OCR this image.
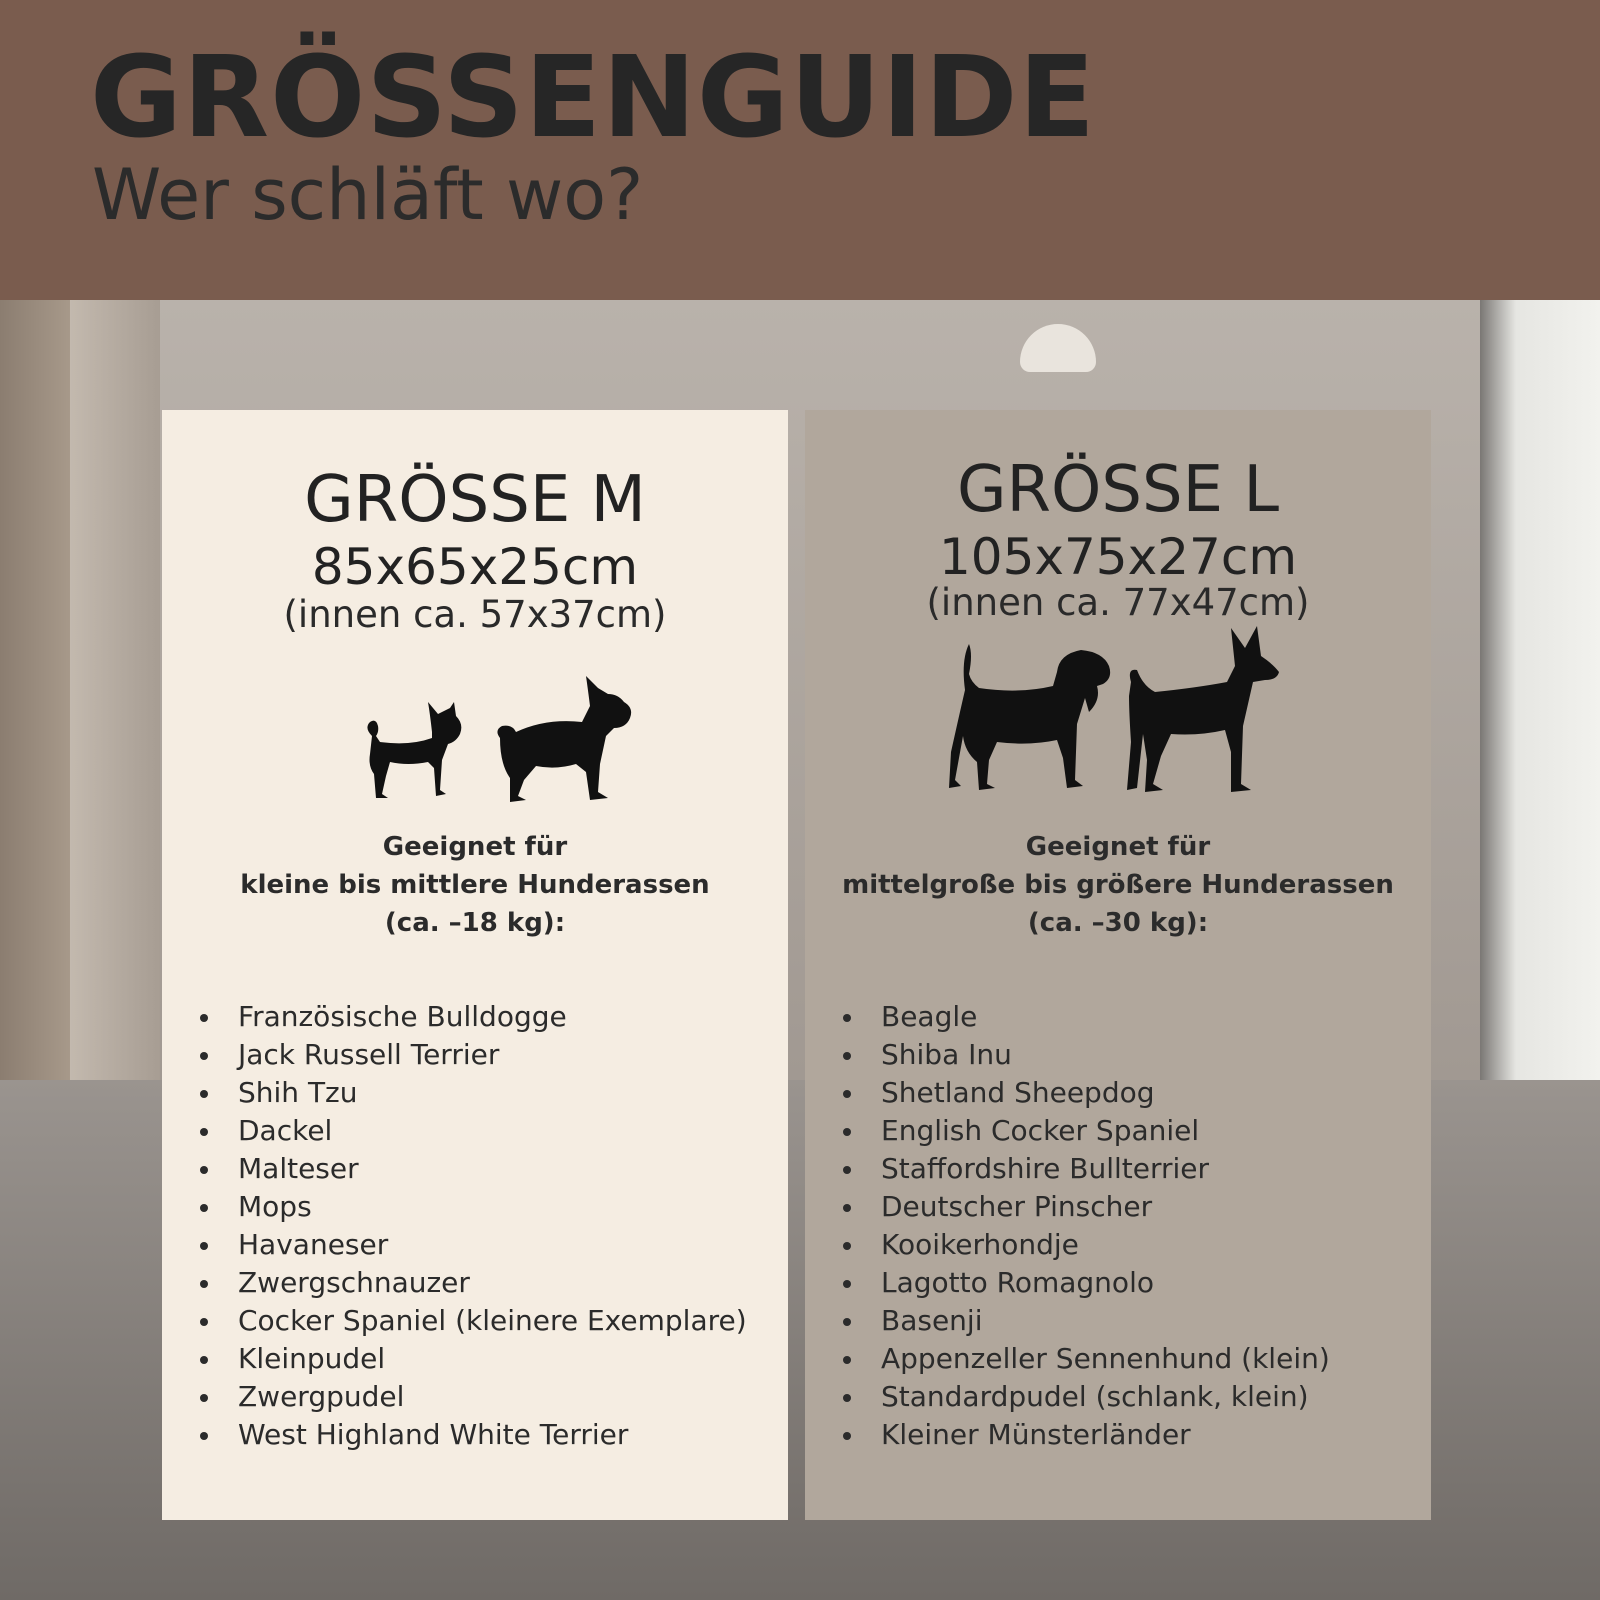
GRÖSSENGUIDE
Wer schläft wo?
GRÖSSE M
85x65x25cm
(innen ca. 57x37cm)
Geeignet für
kleine bis mittlere Hunderassen
(ca. –18 kg):
Französische Bulldogge
Jack Russell Terrier
Shih Tzu
Dackel
Malteser
Mops
Havaneser
Zwergschnauzer
Cocker Spaniel (kleinere Exemplare)
Kleinpudel
Zwergpudel
West Highland White Terrier
GRÖSSE L
105x75x27cm
(innen ca. 77x47cm)
Geeignet für
mittelgroße bis größere Hunderassen
(ca. –30 kg):
Beagle
Shiba Inu
Shetland Sheepdog
English Cocker Spaniel
Staffordshire Bullterrier
Deutscher Pinscher
Kooikerhondje
Lagotto Romagnolo
Basenji
Appenzeller Sennenhund (klein)
Standardpudel (schlank, klein)
Kleiner Münsterländer
